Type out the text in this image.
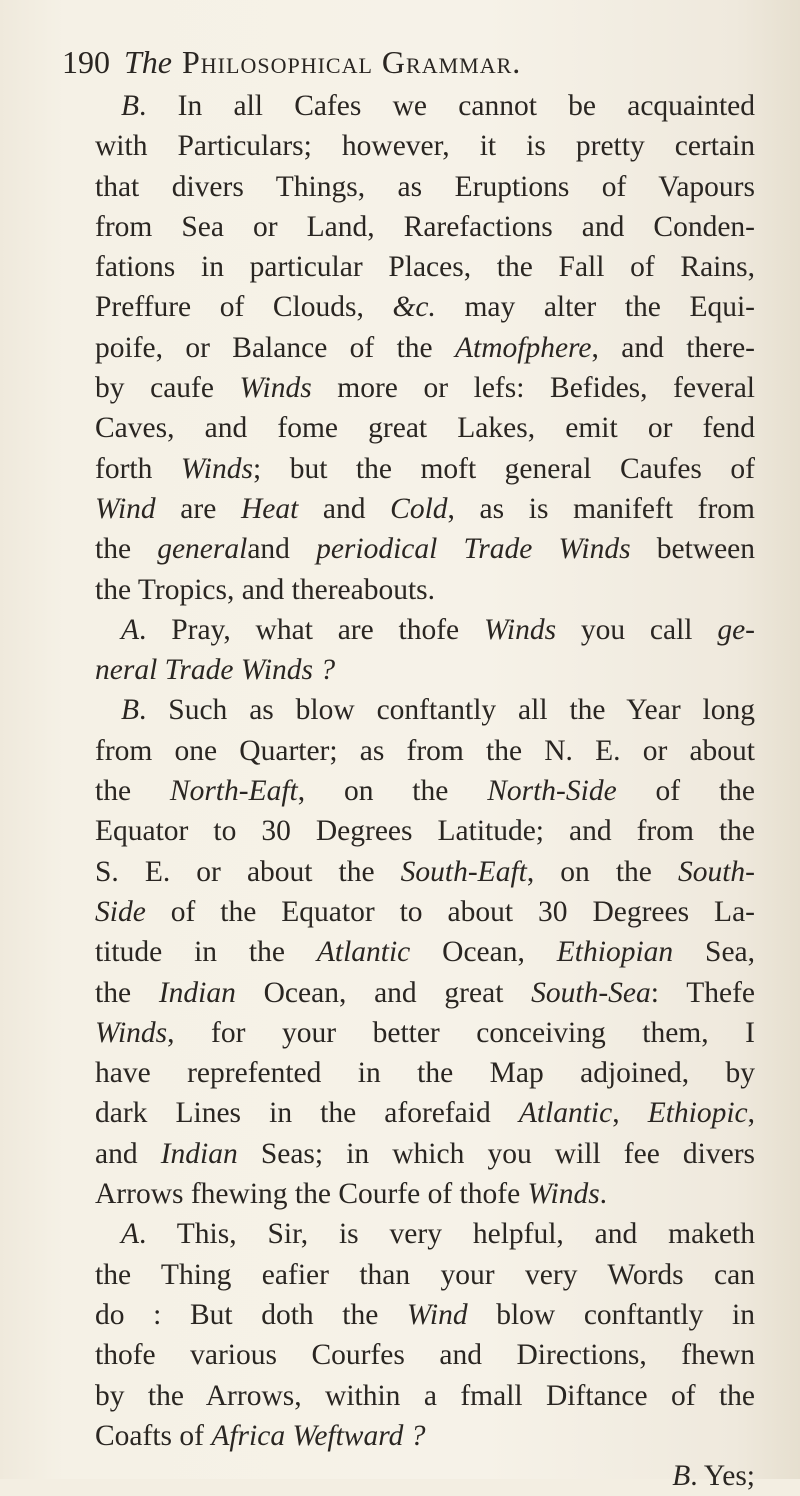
190 The Philosophical Grammar.
B. In all Cafes we cannot be acquainted
with Particulars; however, it is pretty certain
that divers Things, as Eruptions of Vapours
from Sea or Land, Rarefactions and Conden-
fations in particular Places, the Fall of Rains,
Preffure of Clouds, &c. may alter the Equi-
poife, or Balance of the Atmofphere, and there-
by caufe Winds more or lefs: Befides, feveral
Caves, and fome great Lakes, emit or fend
forth Winds; but the moft general Caufes of
Wind are Heat and Cold, as is manifeft from
the generaland periodical Trade Winds between
the Tropics, and thereabouts.
A. Pray, what are thofe Winds you call ge-
neral Trade Winds ?
B. Such as blow conftantly all the Year long
from one Quarter; as from the N. E. or about
the North-Eaft, on the North-Side of the
Equator to 30 Degrees Latitude; and from the
S. E. or about the South-Eaft, on the South-
Side of the Equator to about 30 Degrees La-
titude in the Atlantic Ocean, Ethiopian Sea,
the Indian Ocean, and great South-Sea: Thefe
Winds, for your better conceiving them, I
have reprefented in the Map adjoined, by
dark Lines in the aforefaid Atlantic, Ethiopic,
and Indian Seas; in which you will fee divers
Arrows fhewing the Courfe of thofe Winds.
A. This, Sir, is very helpful, and maketh
the Thing eafier than your very Words can
do : But doth the Wind blow conftantly in
thofe various Courfes and Directions, fhewn
by the Arrows, within a fmall Diftance of the
Coafts of Africa Weftward ?
B. Yes;
